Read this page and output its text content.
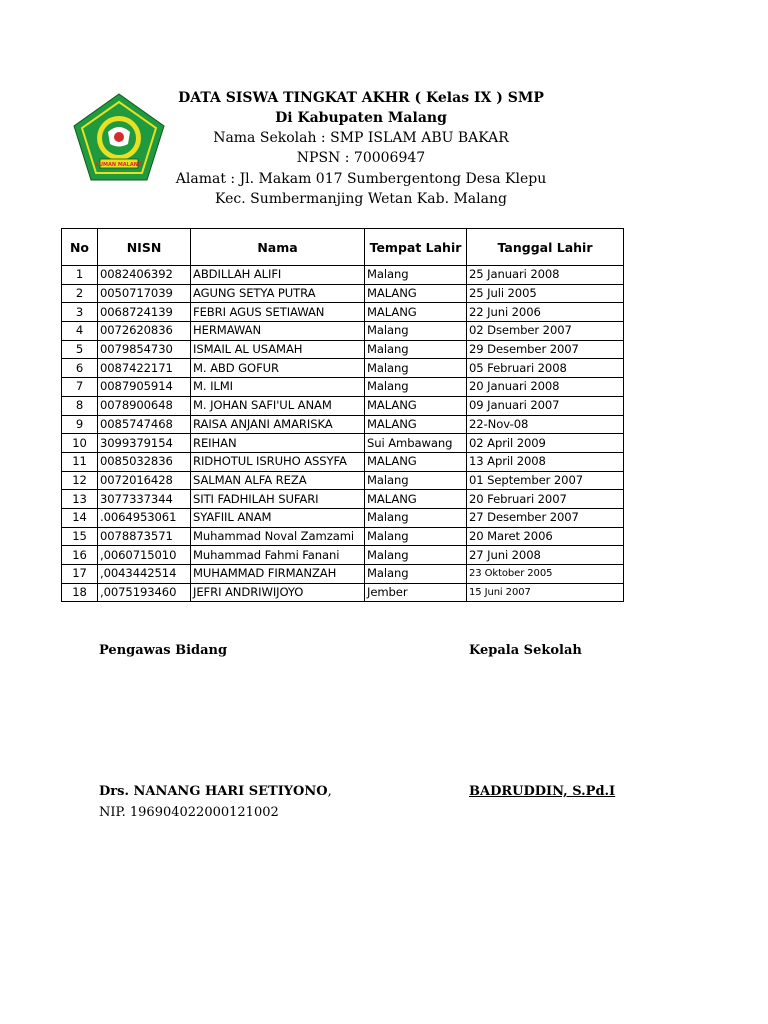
LUMAN MALANG
DATA SISWA TINGKAT AKHR ( Kelas IX ) SMP
Di Kabupaten Malang
Nama Sekolah : SMP ISLAM ABU BAKAR
NPSN : 70006947
Alamat : Jl. Makam 017 Sumbergentong Desa Klepu
Kec. Sumbermanjing Wetan Kab. Malang
No	NISN	Nama	Tempat Lahir	Tanggal Lahir
1	0082406392	ABDILLAH ALIFI	Malang	25 Januari 2008
2	0050717039	AGUNG SETYA PUTRA	MALANG	25 Juli 2005
3	0068724139	FEBRI AGUS SETIAWAN	MALANG	22 Juni 2006
4	0072620836	HERMAWAN	Malang	02 Dsember 2007
5	0079854730	ISMAIL AL USAMAH	Malang	29 Desember 2007
6	0087422171	M. ABD GOFUR	Malang	05 Februari 2008
7	0087905914	M. ILMI	Malang	20 Januari 2008
8	0078900648	M. JOHAN SAFI'UL ANAM	MALANG	09 Januari 2007
9	0085747468	RAISA ANJANI AMARISKA	MALANG	22-Nov-08
10	3099379154	REIHAN	Sui Ambawang	02 April 2009
11	0085032836	RIDHOTUL ISRUHO ASSYFA	MALANG	13 April 2008
12	0072016428	SALMAN ALFA REZA	Malang	01 September 2007
13	3077337344	SITI FADHILAH SUFARI	MALANG	20 Februari 2007
14	.0064953061	SYAFIIL ANAM	Malang	27 Desember 2007
15	0078873571	Muhammad Noval Zamzami	Malang	20 Maret 2006
16	,0060715010	Muhammad Fahmi Fanani	Malang	27 Juni 2008
17	,0043442514	MUHAMMAD FIRMANZAH	Malang	23 Oktober 2005
18	,0075193460	JEFRI ANDRIWIJOYO	Jember	15 Juni 2007
Pengawas Bidang	Kepala Sekolah
Drs. NANANG HARI SETIYONO,
NIP. 196904022000121002
BADRUDDIN, S.Pd.I
